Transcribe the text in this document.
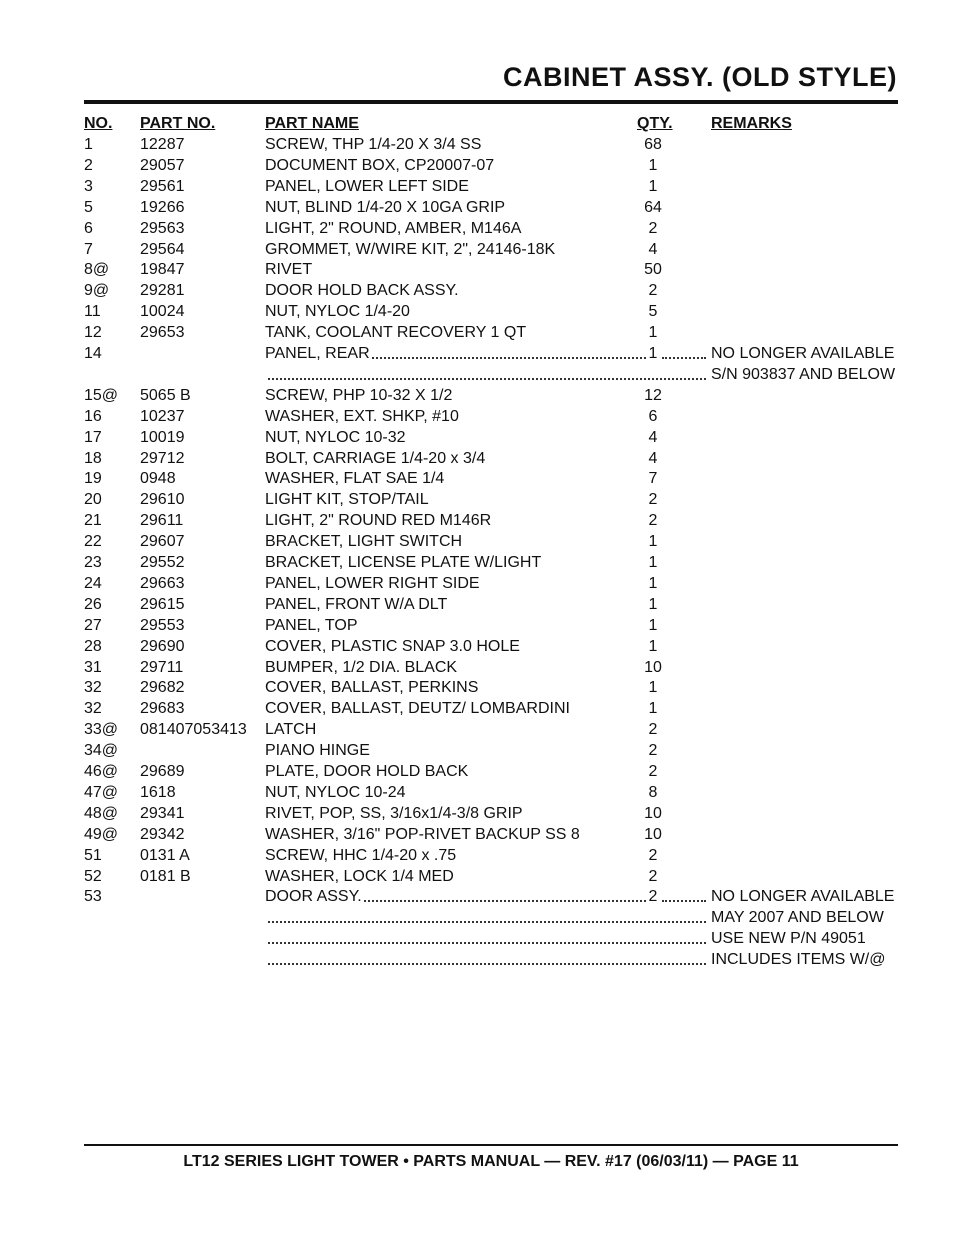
CABINET ASSY. (OLD STYLE)
NO. PART NO.	PART NAME	QTY. REMARKS
1	12287	SCREW, THP 1/4-20 X 3/4 SS	68
2	29057	DOCUMENT BOX, CP20007-07	1
3	29561	PANEL, LOWER LEFT SIDE	1
5	19266	NUT, BLIND 1/4-20 X 10GA GRIP	64
6	29563	LIGHT, 2" ROUND, AMBER, M146A	2
7	29564	GROMMET, W/WIRE KIT, 2", 24146-18K	4
8@ 19847	RIVET	50
9@ 29281	DOOR HOLD BACK ASSY.	2
11 10024	NUT, NYLOC 1/4-20	5
12 29653	TANK, COOLANT RECOVERY 1 QT	1
14	PANEL, REAR	1	NO LONGER AVAILABLE
S/N 903837 AND BELOW
15@ 5065 B	SCREW, PHP 10-32 X 1/2	12
16 10237	WASHER, EXT. SHKP, #10	6
17 10019	NUT, NYLOC 10-32	4
18 29712	BOLT, CARRIAGE 1/4-20 x 3/4	4
19 0948	WASHER, FLAT SAE 1/4	7
20 29610	LIGHT KIT, STOP/TAIL	2
21 29611	LIGHT, 2" ROUND RED M146R	2
22 29607	BRACKET, LIGHT SWITCH	1
23 29552	BRACKET, LICENSE PLATE W/LIGHT	1
24 29663	PANEL, LOWER RIGHT SIDE	1
26 29615	PANEL, FRONT W/A DLT	1
27 29553	PANEL, TOP	1
28 29690	COVER, PLASTIC SNAP 3.0 HOLE	1
31 29711	BUMPER, 1/2 DIA. BLACK	10
32 29682	COVER, BALLAST, PERKINS	1
32 29683	COVER, BALLAST, DEUTZ/ LOMBARDINI	1
33@ 081407053413 LATCH	2
34@	PIANO HINGE	2
46@ 29689	PLATE, DOOR HOLD BACK	2
47@ 1618	NUT, NYLOC 10-24	8
48@ 29341	RIVET, POP, SS, 3/16x1/4-3/8 GRIP	10
49@ 29342	WASHER, 3/16" POP-RIVET BACKUP SS 8	10
51 0131 A	SCREW, HHC 1/4-20 x .75	2
52 0181 B	WASHER, LOCK 1/4 MED	2
53	DOOR ASSY.	2	NO LONGER AVAILABLE
MAY 2007 AND BELOW
USE NEW P/N 49051
INCLUDES ITEMS W/@
LT12 SERIES LIGHT TOWER • PARTS MANUAL — REV. #17 (06/03/11) — PAGE 11
